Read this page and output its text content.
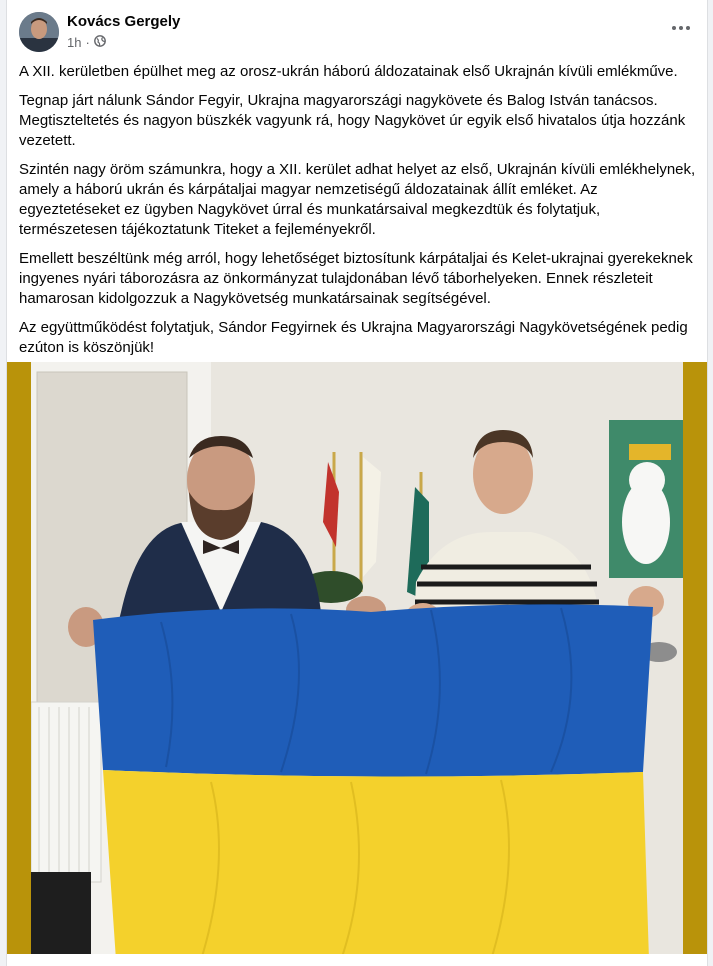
Kovács Gergely
1h ·

A XII. kerületben épülhet meg az orosz-ukrán háború áldozatainak első Ukrajnán kívüli emlékműve.

Tegnap járt nálunk Sándor Fegyir, Ukrajna magyarországi nagykövete és Balog István tanácsos. Megtiszteltetés és nagyon büszkék vagyunk rá, hogy Nagykövet úr egyik első hivatalos útja hozzánk vezetett.

Szintén nagy öröm számunkra, hogy a XII. kerület adhat helyet az első, Ukrajnán kívüli emlékhelynek, amely a háború ukrán és kárpátaljai magyar nemzetiségű áldozatainak állít emléket. Az egyeztetéseket ez ügyben Nagykövet úrral és munkatársaival megkezdtük és folytatjuk, természetesen tájékoztatunk Titeket a fejleményekről.

Emellett beszéltünk még arról, hogy lehetőséget biztosítunk kárpátaljai és Kelet-ukrajnai gyerekeknek ingyenes nyári táborozásra az önkormányzat tulajdonában lévő táborhelyeken. Ennek részleteit hamarosan kidolgozzuk a Nagykövetség munkatársainak segítségével.

Az együttműködést folytatjuk, Sándor Fegyirnek és Ukrajna Magyarországi Nagykövetségének pedig ezúton is köszönjük!
